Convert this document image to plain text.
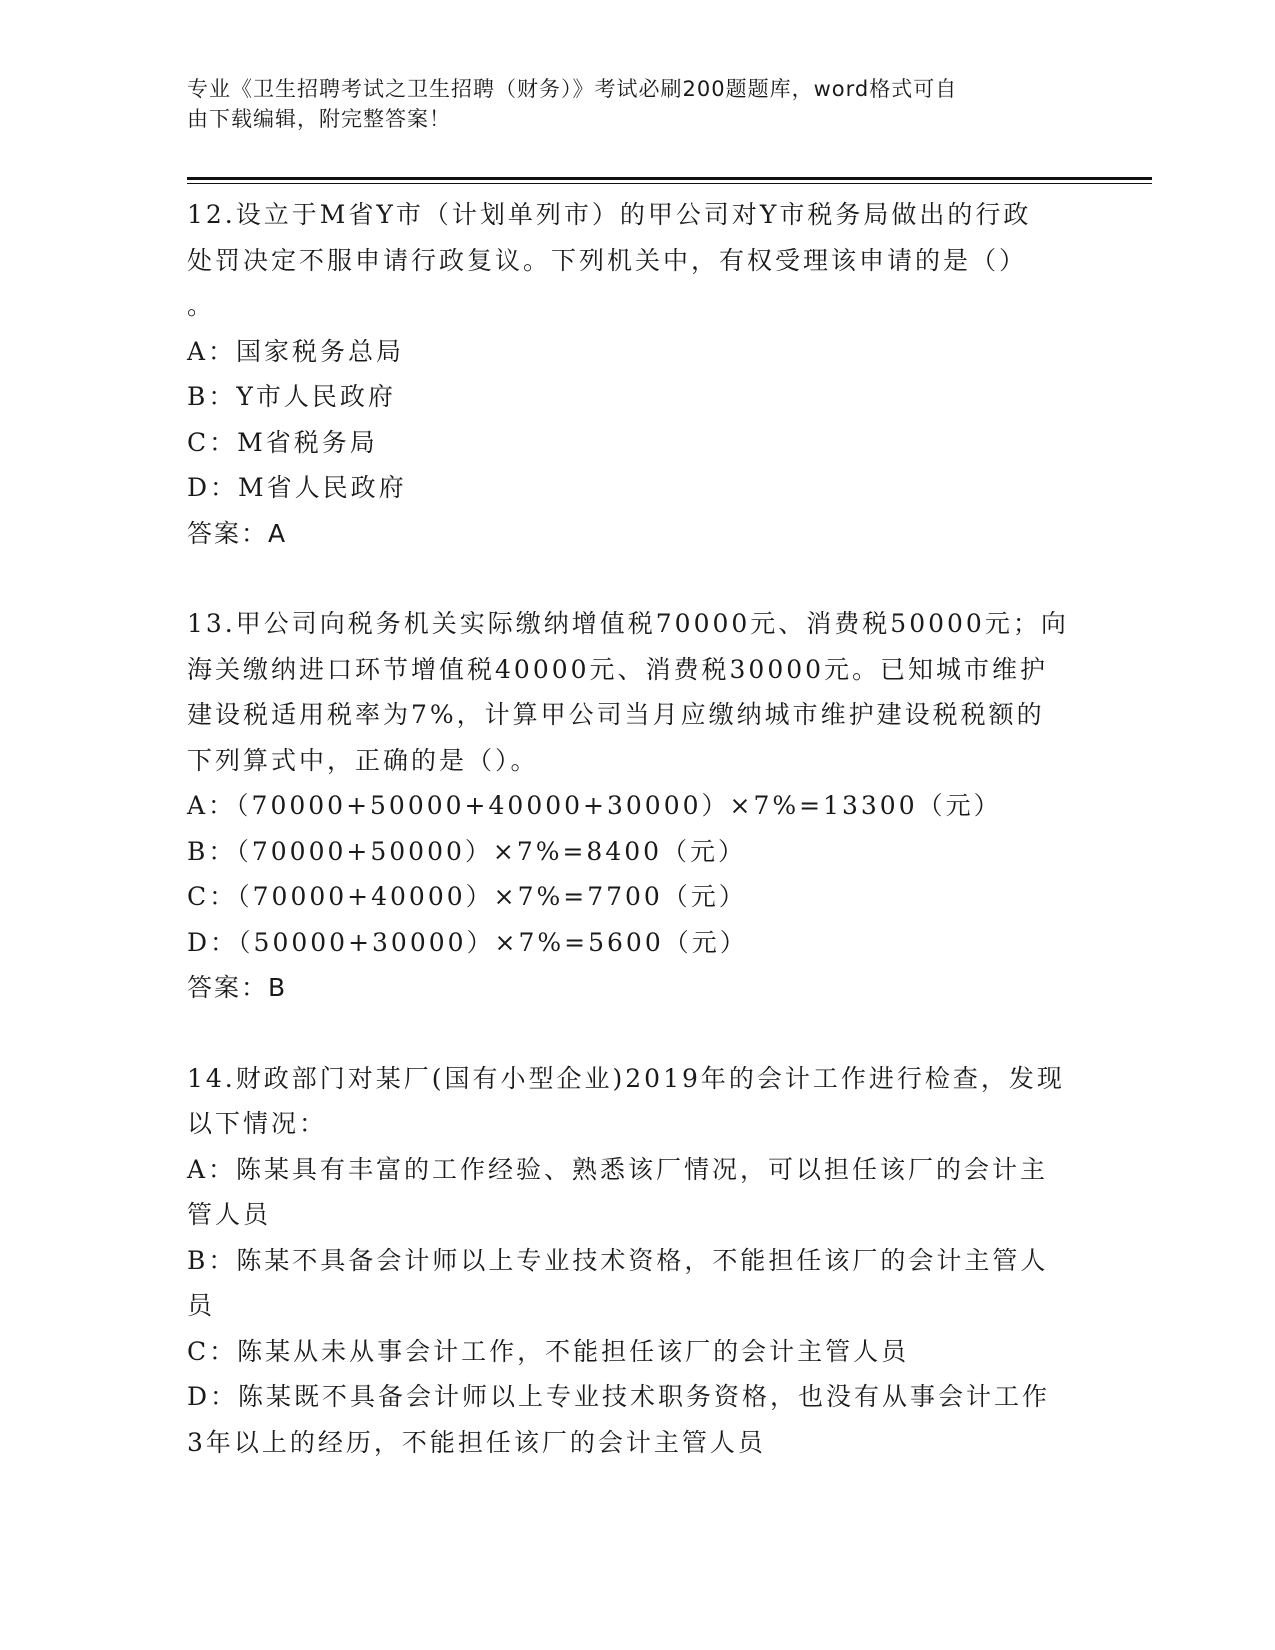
专业《卫生招聘考试之卫生招聘（财务）》考试必刷200题题库，word格式可自
由下载编辑，附完整答案！
12.设立于M省Y市（计划单列市）的甲公司对Y市税务局做出的行政
处罚决定不服申请行政复议。下列机关中，有权受理该申请的是（）
。
A：国家税务总局
B：Y市人民政府
C：M省税务局
D：M省人民政府
答案：A
13.甲公司向税务机关实际缴纳增值税70000元、消费税50000元；向
海关缴纳进口环节增值税40000元、消费税30000元。已知城市维护
建设税适用税率为7%，计算甲公司当月应缴纳城市维护建设税税额的
下列算式中，正确的是（）。
A：（70000+50000+40000+30000）×7%=13300（元）
B：（70000+50000）×7%=8400（元）
C：（70000+40000）×7%=7700（元）
D：（50000+30000）×7%=5600（元）
答案：B
14.财政部门对某厂(国有小型企业)2019年的会计工作进行检查，发现
以下情况：
A：陈某具有丰富的工作经验、熟悉该厂情况，可以担任该厂的会计主
管人员
B：陈某不具备会计师以上专业技术资格，不能担任该厂的会计主管人
员
C：陈某从未从事会计工作，不能担任该厂的会计主管人员
D：陈某既不具备会计师以上专业技术职务资格，也没有从事会计工作
3年以上的经历，不能担任该厂的会计主管人员
